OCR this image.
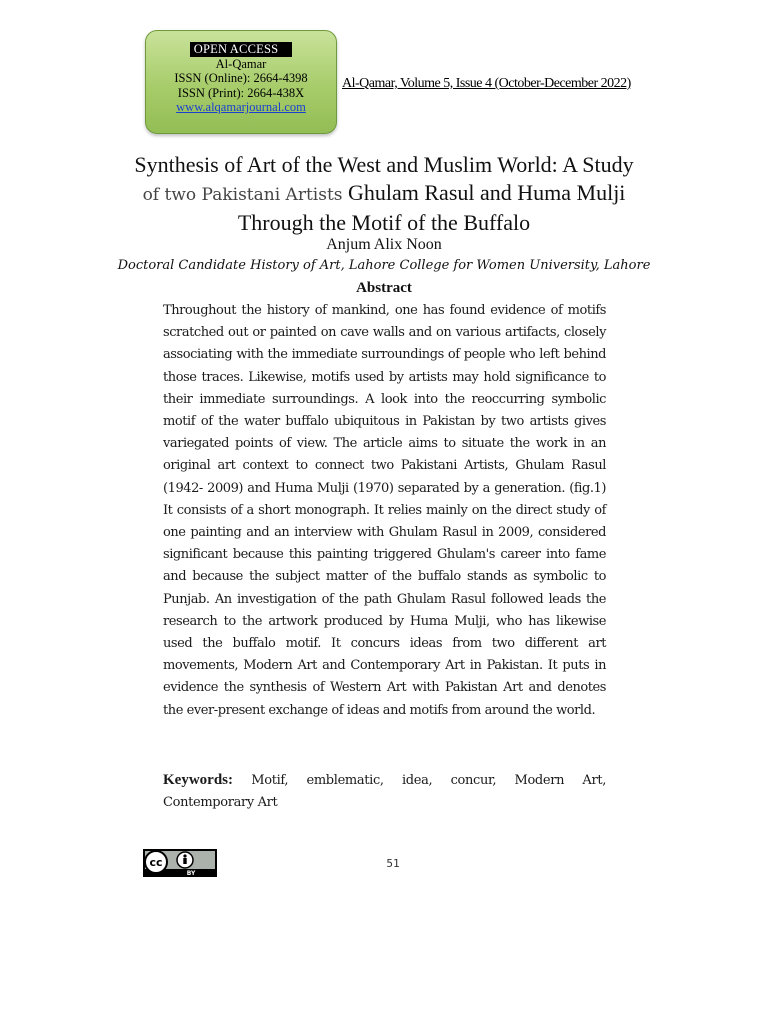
OPEN ACCESS
Al-Qamar
ISSN (Online): 2664-4398
ISSN (Print): 2664-438X
www.alqamarjournal.com
Al-Qamar, Volume 5, Issue 4 (October-December 2022)
Synthesis of Art of the West and Muslim World: A Study
of two Pakistani Artists Ghulam Rasul and Huma Mulji
Through the Motif of the Buffalo
Anjum Alix Noon
Doctoral Candidate History of Art, Lahore College for Women University, Lahore
Abstract

Throughout the history of mankind, one has found evidence of motifs scratched out or painted on cave walls and on various artifacts, closely associating with the immediate surroundings of people who left behind those traces. Likewise, motifs used by artists may hold significance to their immediate surroundings. A look into the reoccurring symbolic motif of the water buffalo ubiquitous in Pakistan by two artists gives variegated points of view. The article aims to situate the work in an original art context to connect two Pakistani Artists, Ghulam Rasul (1942- 2009) and Huma Mulji (1970) separated by a generation. (fig.1) It consists of a short monograph. It relies mainly on the direct study of one painting and an interview with Ghulam Rasul in 2009, considered significant because this painting triggered Ghulam's career into fame and because the subject matter of the buffalo stands as symbolic to Punjab. An investigation of the path Ghulam Rasul followed leads the research to the artwork produced by Huma Mulji, who has likewise used the buffalo motif. It concurs ideas from two different art movements, Modern Art and Contemporary Art in Pakistan. It puts in evidence the synthesis of Western Art with Pakistan Art and denotes the ever-present exchange of ideas and motifs from around the world.

Keywords: Motif, emblematic, idea, concur, Modern Art, Contemporary Art

cc
BY
51
